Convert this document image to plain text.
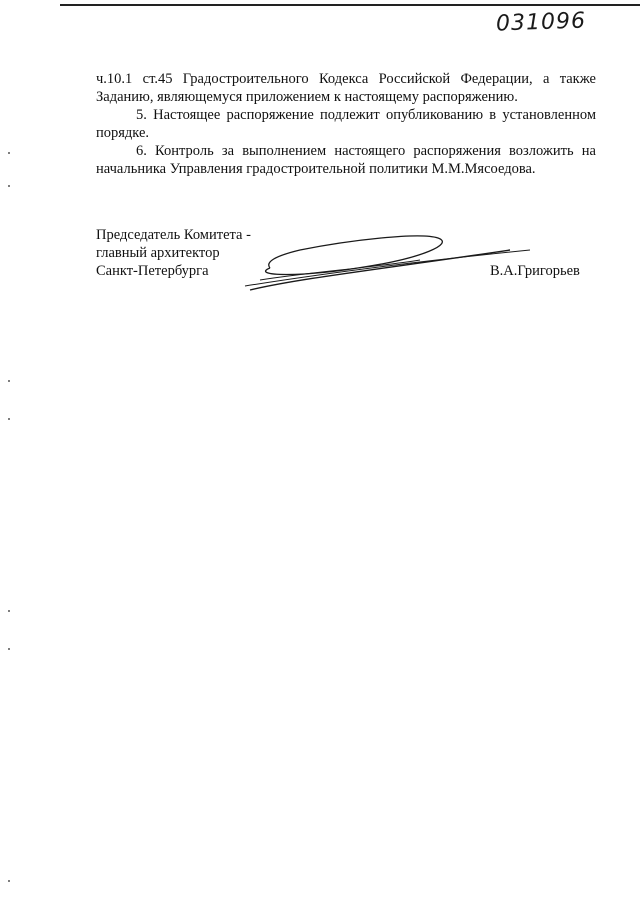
031096

ч.10.1 ст.45 Градостроительного Кодекса Российской Федерации, а также Заданию, являющемуся приложением к настоящему распоряжению.

5. Настоящее распоряжение подлежит опубликованию в установленном порядке.

6. Контроль за выполнением настоящего распоряжения возложить на начальника Управления градостроительной политики М.М.Мясоедова.

Председатель Комитета -
главный архитектор
Санкт-Петербурга	В.А.Григорьев
